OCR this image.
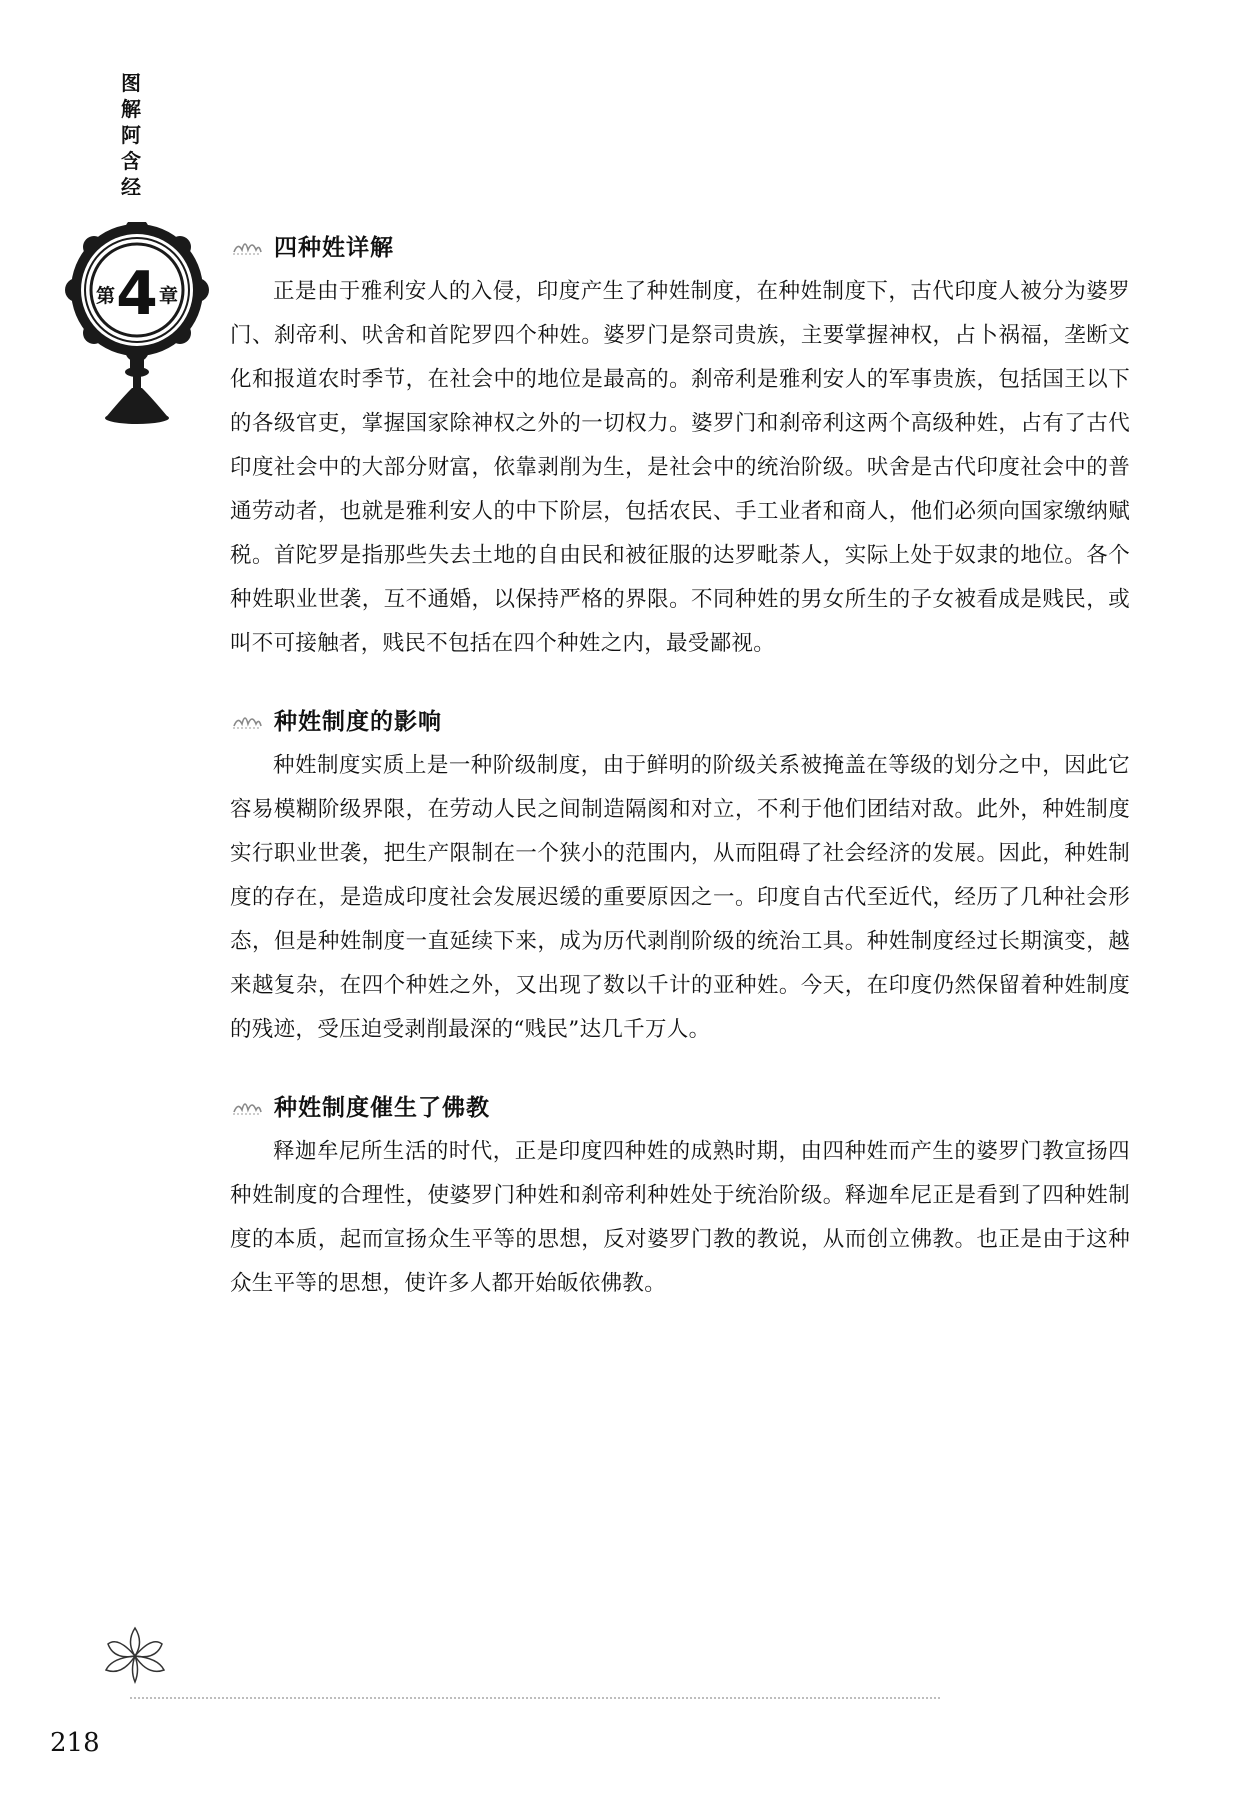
图
解
阿
含
经
第 4 章
四种姓详解

正是由于雅利安人的入侵，印度产生了种姓制度，在种姓制度下，古代印度人被分为婆罗门、刹帝利、吠舍和首陀罗四个种姓。婆罗门是祭司贵族，主要掌握神权，占卜祸福，垄断文化和报道农时季节，在社会中的地位是最高的。刹帝利是雅利安人的军事贵族，包括国王以下的各级官吏，掌握国家除神权之外的一切权力。婆罗门和刹帝利这两个高级种姓，占有了古代印度社会中的大部分财富，依靠剥削为生，是社会中的统治阶级。吠舍是古代印度社会中的普通劳动者，也就是雅利安人的中下阶层，包括农民、手工业者和商人，他们必须向国家缴纳赋税。首陀罗是指那些失去土地的自由民和被征服的达罗毗荼人，实际上处于奴隶的地位。各个种姓职业世袭，互不通婚，以保持严格的界限。不同种姓的男女所生的子女被看成是贱民，或叫不可接触者，贱民不包括在四个种姓之内，最受鄙视。

种姓制度的影响

种姓制度实质上是一种阶级制度，由于鲜明的阶级关系被掩盖在等级的划分之中，因此它容易模糊阶级界限，在劳动人民之间制造隔阂和对立，不利于他们团结对敌。此外，种姓制度实行职业世袭，把生产限制在一个狭小的范围内，从而阻碍了社会经济的发展。因此，种姓制度的存在，是造成印度社会发展迟缓的重要原因之一。印度自古代至近代，经历了几种社会形态，但是种姓制度一直延续下来，成为历代剥削阶级的统治工具。种姓制度经过长期演变，越来越复杂，在四个种姓之外，又出现了数以千计的亚种姓。今天，在印度仍然保留着种姓制度的残迹，受压迫受剥削最深的“贱民”达几千万人。

种姓制度催生了佛教

释迦牟尼所生活的时代，正是印度四种姓的成熟时期，由四种姓而产生的婆罗门教宣扬四种姓制度的合理性，使婆罗门种姓和刹帝利种姓处于统治阶级。释迦牟尼正是看到了四种姓制度的本质，起而宣扬众生平等的思想，反对婆罗门教的教说，从而创立佛教。也正是由于这种众生平等的思想，使许多人都开始皈依佛教。

218
